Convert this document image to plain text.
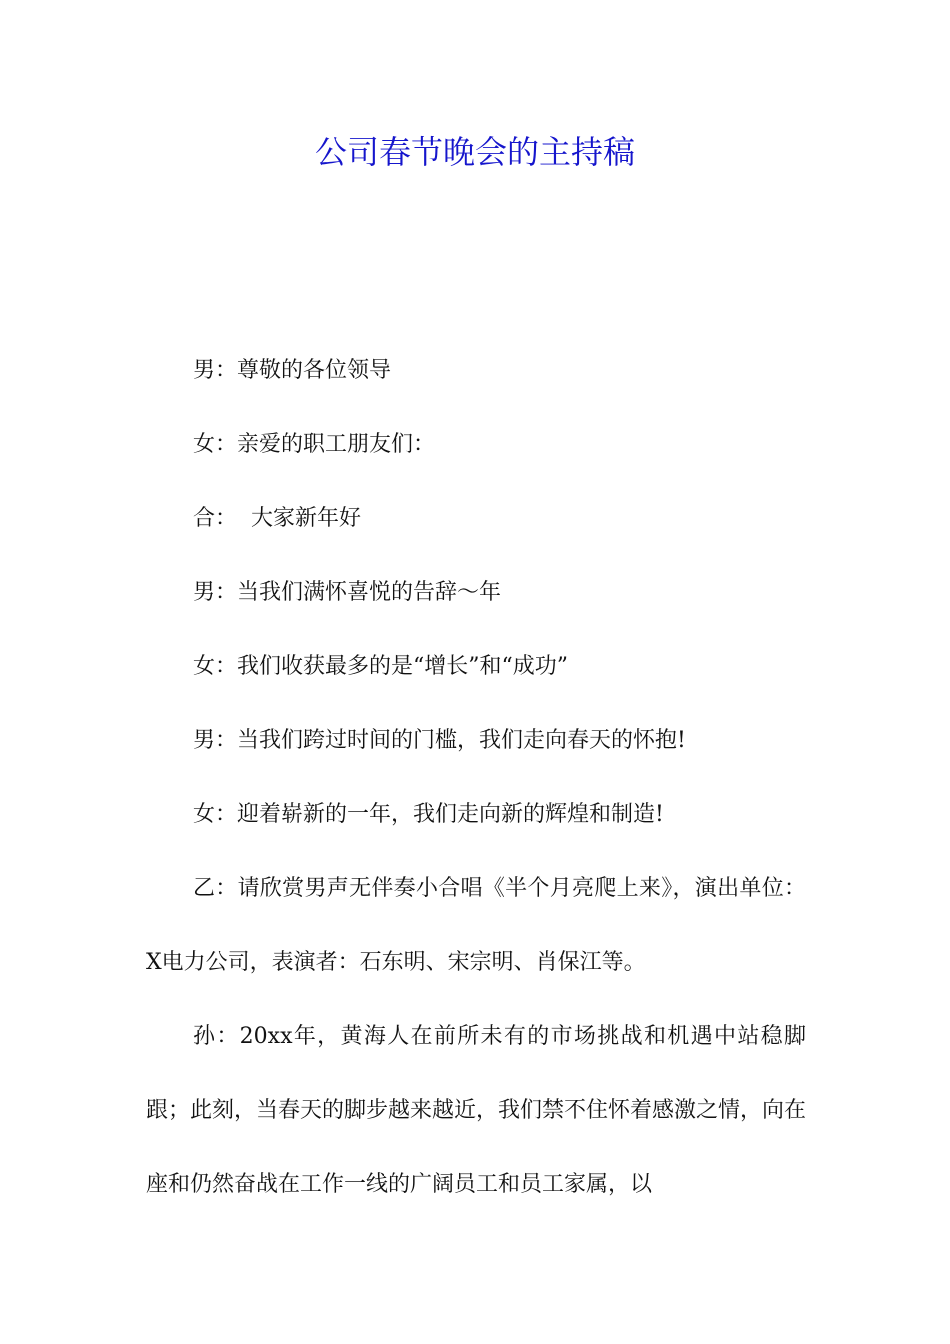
公司春节晚会的主持稿

男：尊敬的各位领导

女：亲爱的职工朋友们：

合：  大家新年好

男：当我们满怀喜悦的告辞～年

女：我们收获最多的是“增长”和“成功”

男：当我们跨过时间的门槛，我们走向春天的怀抱!

女：迎着崭新的一年，我们走向新的辉煌和制造!

乙：请欣赏男声无伴奏小合唱《半个月亮爬上来》，演出单位：X电力公司，表演者：石东明、宋宗明、肖保江等。

孙：20xx年，黄海人在前所未有的市场挑战和机遇中站稳脚跟；此刻，当春天的脚步越来越近，我们禁不住怀着感激之情，向在座和仍然奋战在工作一线的广阔员工和员工家属，以
